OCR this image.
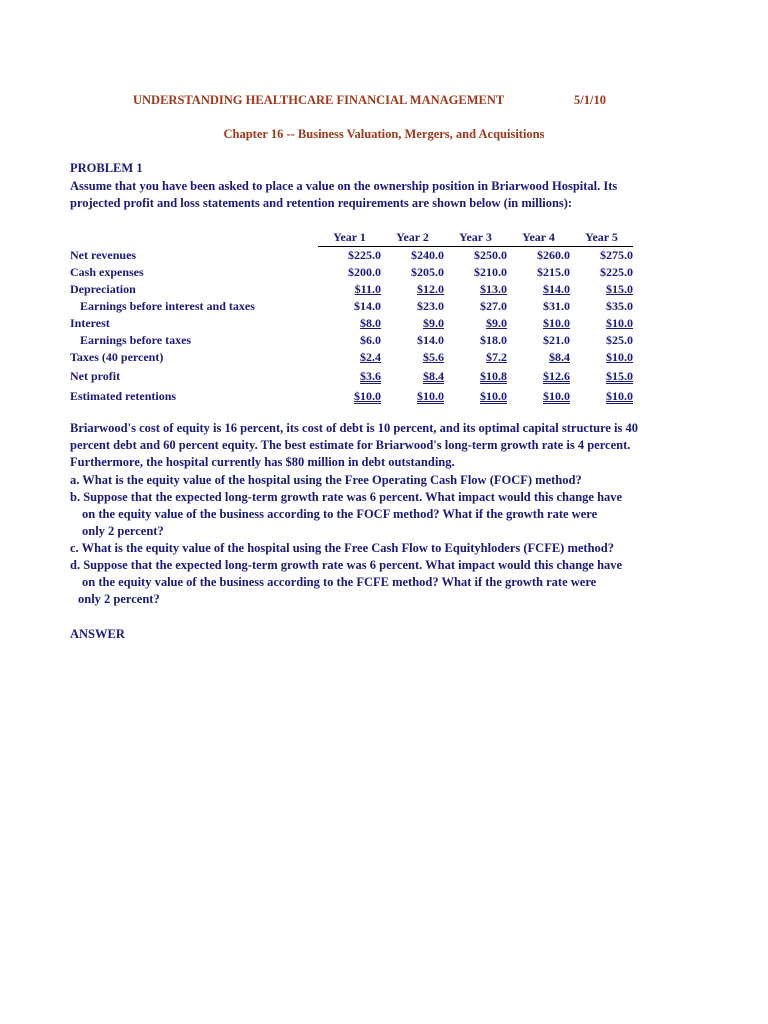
UNDERSTANDING HEALTHCARE FINANCIAL MANAGEMENT	5/1/10
Chapter 16 -- Business Valuation, Mergers, and Acquisitions
PROBLEM 1
Assume that you have been asked to place a value on the ownership position in Briarwood Hospital. Its projected profit and loss statements and retention requirements are shown below (in millions):
	Year 1	Year 2	Year 3	Year 4	Year 5
Net revenues	$225.0	$240.0	$250.0	$260.0	$275.0
Cash expenses	$200.0	$205.0	$210.0	$215.0	$225.0
Depreciation	$11.0	$12.0	$13.0	$14.0	$15.0
Earnings before interest and taxes	$14.0	$23.0	$27.0	$31.0	$35.0
Interest	$8.0	$9.0	$9.0	$10.0	$10.0
Earnings before taxes	$6.0	$14.0	$18.0	$21.0	$25.0
Taxes (40 percent)	$2.4	$5.6	$7.2	$8.4	$10.0
Net profit	$3.6	$8.4	$10.8	$12.6	$15.0
Estimated retentions	$10.0	$10.0	$10.0	$10.0	$10.0
Briarwood's cost of equity is 16 percent, its cost of debt is 10 percent, and its optimal capital structure is 40 percent debt and 60 percent equity. The best estimate for Briarwood's long-term growth rate is 4 percent. Furthermore, the hospital currently has $80 million in debt outstanding.
a. What is the equity value of the hospital using the Free Operating Cash Flow (FOCF) method?
b. Suppose that the expected long-term growth rate was 6 percent. What impact would this change have
on the equity value of the business according to the FOCF method? What if the growth rate were
only 2 percent?
c. What is the equity value of the hospital using the Free Cash Flow to Equityhloders (FCFE) method?
d. Suppose that the expected long-term growth rate was 6 percent. What impact would this change have
on the equity value of the business according to the FCFE method? What if the growth rate were
only 2 percent?
ANSWER
